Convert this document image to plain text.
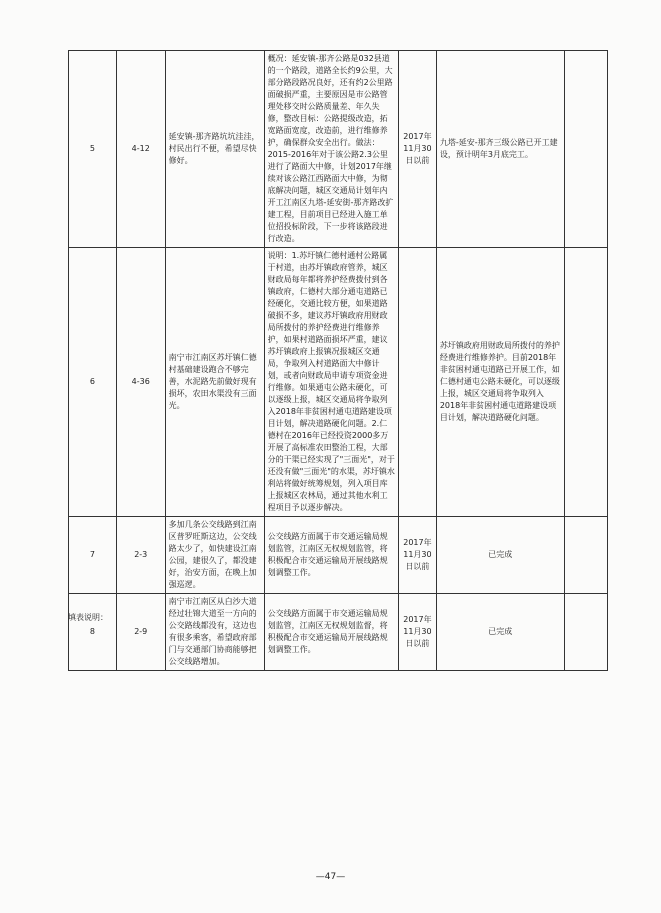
5	4-12	延安镇-那齐路坑坑洼洼，村民出行不便，希望尽快修好。	概况：延安镇-那齐公路是032县道的一个路段，道路全长约9公里，大部分路段路况良好，还有约2公里路面破损严重，主要原因是市公路管理处移交时公路质量差、年久失修，整改目标：公路提级改造，拓宽路面宽度，改造前，进行维修养护，确保群众安全出行。做法：2015-2016年对于该公路2.3公里进行了路面大中修，计划2017年继续对该公路江西路面大中修，为彻底解决问题，城区交通局计划年内开工江南区九塔-延安街-那齐路改扩建工程，目前项目已经进入施工单位招投标阶段，下一步将该路段进行改造。	2017年11月30日以前	九塔-延安-那齐三级公路已开工建设，预计明年3月底完工。	
6	4-36	南宁市江南区苏圩镇仁德村基础建设跑合不够完善，水泥路先前做好现有损坏，农田水渠没有三面光。	说明：1.苏圩镇仁德村通村公路属于村道，由苏圩镇政府管养，城区财政局每年都将养护经费拨付到各镇政府，仁德村大部分通屯道路已经硬化，交通比较方便，如果道路破损不多，建议苏圩镇政府用财政局所拨付的养护经费进行维修养护，如果村道路面损坏严重，建议苏圩镇政府上报镇况报城区交通局，争取列入村道路面大中修计划，或者向财政局申请专项资金进行维修。如果通屯公路未硬化，可以逐级上报，城区交通局将争取列入2018年非贫困村通屯道路建设项目计划，解决道路硬化问题。2.仁德村在2016年已经投资2000多万开展了高标准农田整治工程，大部分的干渠已经实现了"三面光"，对于还没有做"三面光"的水渠，苏圩镇水利站将做好统筹规划，列入项目库上报城区农林局，通过其他水利工程项目予以逐步解决。		苏圩镇政府用财政局所拨付的养护经费进行维修养护。目前2018年非贫困村通屯道路已开展工作，如仁德村通屯公路未硬化，可以逐级上报，城区交通局将争取列入2018年非贫困村通屯道路建设项目计划，解决道路硬化问题。	
7	2-3	多加几条公交线路到江南区普罗旺斯这边，公交线路太少了，如快建设江南公园，建很久了，都没建好，治安方面，在晚上加强巡逻。	公交线路方面属于市交通运输局规划监管，江南区无权规划监管，将积极配合市交通运输局开展线路规划调整工作。	2017年11月30日以前	已完成	
8	2-9	南宁市江南区从白沙大道经过壮锦大道至一方向的公交路线都没有，这边也有很多乘客，希望政府部门与交通部门协商能够把公交线路增加。	公交线路方面属于市交通运输局规划监管，江南区无权规划监督，将积极配合市交通运输局开展线路规划调整工作。	2017年11月30日以前	已完成	
填表说明：
—47—
